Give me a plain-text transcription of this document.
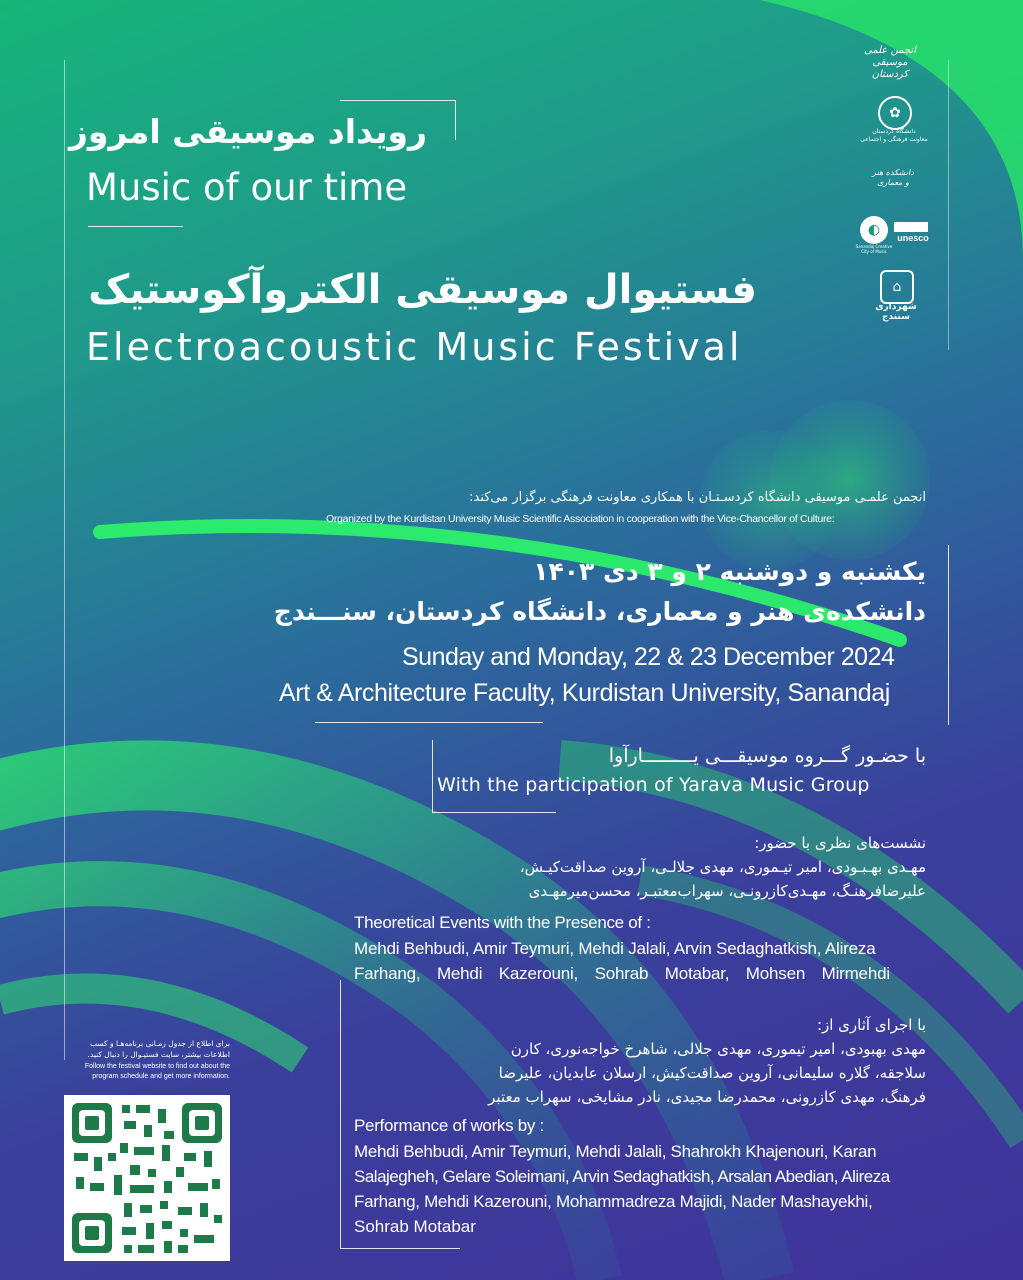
رویداد موسیقی امروز
Music of our time
فستیوال موسیقی الکتروآکوستیک
Electroacoustic Music Festival
انجمن علمی موسیقی کردستان
✿
دانشگاه کردستان
معاونت فرهنگی و اجتماعی
دانشکده هنر و معماری
◐
Sanandaj Creative City of Music
unesco
⌂
شهرداری سنندج
انجمن علمـی موسیقی دانشگاه کردسـتـان با همکاری معاونت فرهنگی برگزار می‌کند:
Organized by the Kurdistan University Music Scientific Association in cooperation with the Vice-Chancellor of Culture:
یکشنبه و دوشنبه ۲ و ۳ دی ۱۴۰۳
دانشکده‌ی هنر و معماری، دانشگاه کردستان، سنـــندج
Sunday and Monday, 22 & 23 December 2024
Art & Architecture Faculty, Kurdistan University, Sanandaj
با حضـور گـــروه موسیقـــی یـــــــــارآوا
With the participation of Yarava Music Group
نشست‌های نظری با حضور:
مهـدی بهـبـودی، امیر تیـموری، مهدی جلالـی، آروین صداقت‌کیـش،
علیرضافرهنـگ، مهـدی‌کازرونـی، سهراب‌معتبـر، محسن‌میرمهـدی
Theoretical Events with the Presence of :
Mehdi Behbudi, Amir Teymuri, Mehdi Jalali, Arvin Sedaghatkish, Alireza
Farhang, Mehdi Kazerouni, Sohrab Motabar, Mohsen Mirmehdi
با اجرای آثاری از:
مهدی بهبودی، امیر تیموری، مهدی جلالی، شاهرخ خواجه‌نوری، کارن
سلاجقه، گلاره سلیمانی، آروین صداقت‌کیش، ارسلان عابدیان، علیرضا
فرهنگ، مهدی کازرونی، محمدرضا مجیدی، نادر مشایخی، سهراب معتبر
Performance of works by :
Mehdi Behbudi, Amir Teymuri, Mehdi Jalali, Shahrokh Khajenouri, Karan
Salajegheh, Gelare Soleimani, Arvin Sedaghatkish, Arsalan Abedian, Alireza
Farhang, Mehdi Kazerouni, Mohammadreza Majidi, Nader Mashayekhi,
Sohrab Motabar
برای اطلاع از جدول زمـانی برنامه‌هـا و کسب
اطلاعات بیشتر، سایت فستیـوال را دنبال کنید.
Follow the festival website to find out about the
program schedule and get more information.
